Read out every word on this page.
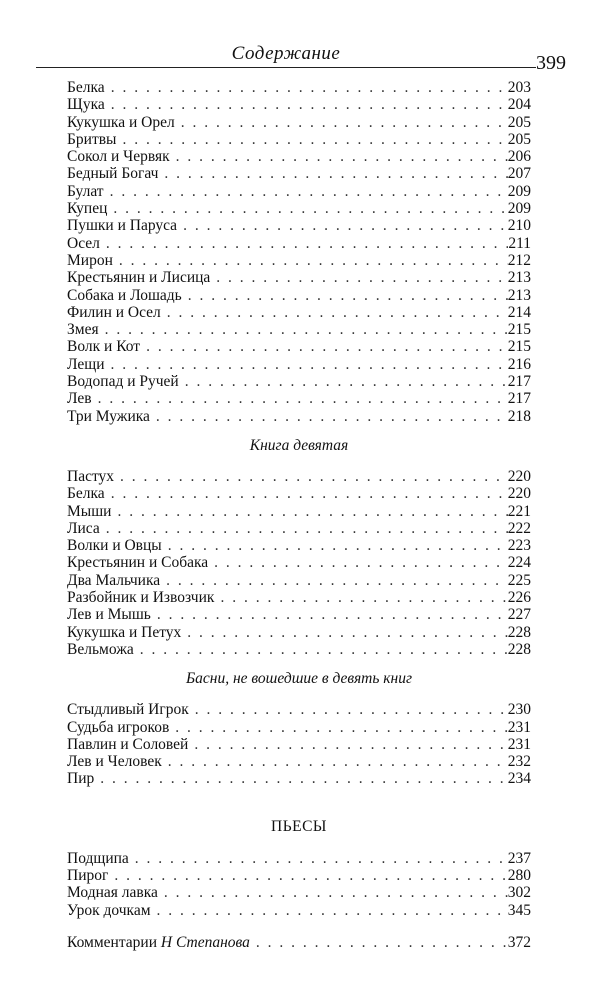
Содержание	399
Белка . . .	203
Щука . . .	204
Кукушка и Орел . . .	205
Бритвы . . .	205
Сокол и Червяк . . .	206
Бедный Богач . . .	207
Булат . . .	209
Купец . . .	209
Пушки и Паруса . . .	210
Осел . . .	211
Мирон . . .	212
Крестьянин и Лисица . . .	213
Собака и Лошадь . . .	213
Филин и Осел . . .	214
Змея . . .	215
Волк и Кот . . .	215
Лещи . . .	216
Водопад и Ручей . . .	217
Лев . . .	217
Три Мужика . . .	218
Книга девятая
Пастух . . .	220
Белка . . .	220
Мыши . . .	221
Лиса . . .	222
Волки и Овцы . . .	223
Крестьянин и Собака . . .	224
Два Мальчика . . .	225
Разбойник и Извозчик . . .	226
Лев и Мышь . . .	227
Кукушка и Петух . . .	228
Вельможа . . .	228
Басни, не вошедшие в девять книг
Стыдливый Игрок . . .	230
Судьба игроков . . .	231
Павлин и Соловей . . .	231
Лев и Человек . . .	232
Пир . . .	234
ПЬЕСЫ
Подщипа . . .	237
Пирог . . .	280
Модная лавка . . .	302
Урок дочкам . . .	345
Комментарии Н Степанова . . .	372
